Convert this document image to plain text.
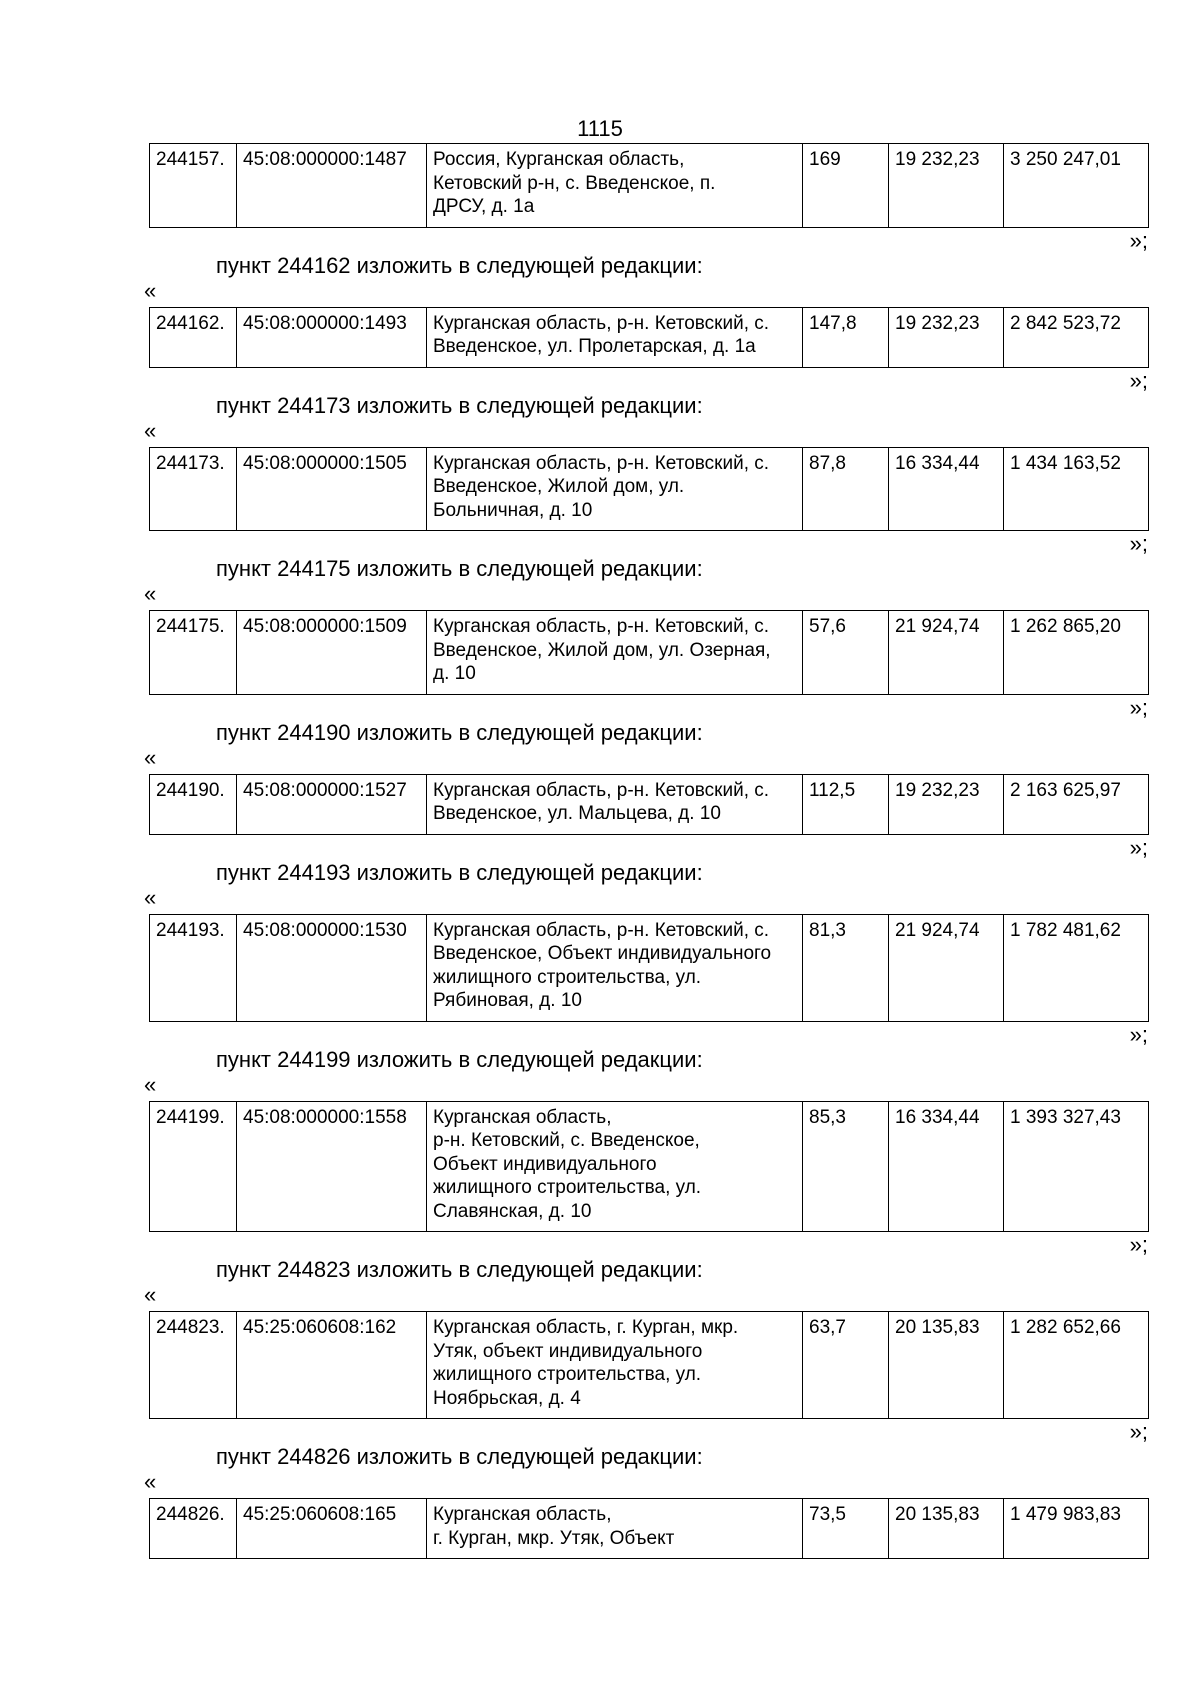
1115
244157.	45:08:000000:1487	Россия, Курганская область,
Кетовский р-н, с. Введенское, п.
ДРСУ, д. 1а	169	19 232,23	3 250 247,01
»;
пункт 244162 изложить в следующей редакции:
«
244162.	45:08:000000:1493	Курганская область, р-н. Кетовский, с.
Введенское, ул. Пролетарская, д. 1а	147,8	19 232,23	2 842 523,72
»;
пункт 244173 изложить в следующей редакции:
«
244173.	45:08:000000:1505	Курганская область, р-н. Кетовский, с.
Введенское, Жилой дом, ул.
Больничная, д. 10	87,8	16 334,44	1 434 163,52
»;
пункт 244175 изложить в следующей редакции:
«
244175.	45:08:000000:1509	Курганская область, р-н. Кетовский, с.
Введенское, Жилой дом, ул. Озерная,
д. 10	57,6	21 924,74	1 262 865,20
»;
пункт 244190 изложить в следующей редакции:
«
244190.	45:08:000000:1527	Курганская область, р-н. Кетовский, с.
Введенское, ул. Мальцева, д. 10	112,5	19 232,23	2 163 625,97
»;
пункт 244193 изложить в следующей редакции:
«
244193.	45:08:000000:1530	Курганская область, р-н. Кетовский, с.
Введенское, Объект индивидуального
жилищного строительства, ул.
Рябиновая, д. 10	81,3	21 924,74	1 782 481,62
»;
пункт 244199 изложить в следующей редакции:
«
244199.	45:08:000000:1558	Курганская область,
р-н. Кетовский, с. Введенское,
Объект индивидуального
жилищного строительства, ул.
Славянская, д. 10	85,3	16 334,44	1 393 327,43
»;
пункт 244823 изложить в следующей редакции:
«
244823.	45:25:060608:162	Курганская область, г. Курган, мкр.
Утяк, объект индивидуального
жилищного строительства, ул.
Ноябрьская, д. 4	63,7	20 135,83	1 282 652,66
»;
пункт 244826 изложить в следующей редакции:
«
244826.	45:25:060608:165	Курганская область,
г. Курган, мкр. Утяк, Объект	73,5	20 135,83	1 479 983,83
